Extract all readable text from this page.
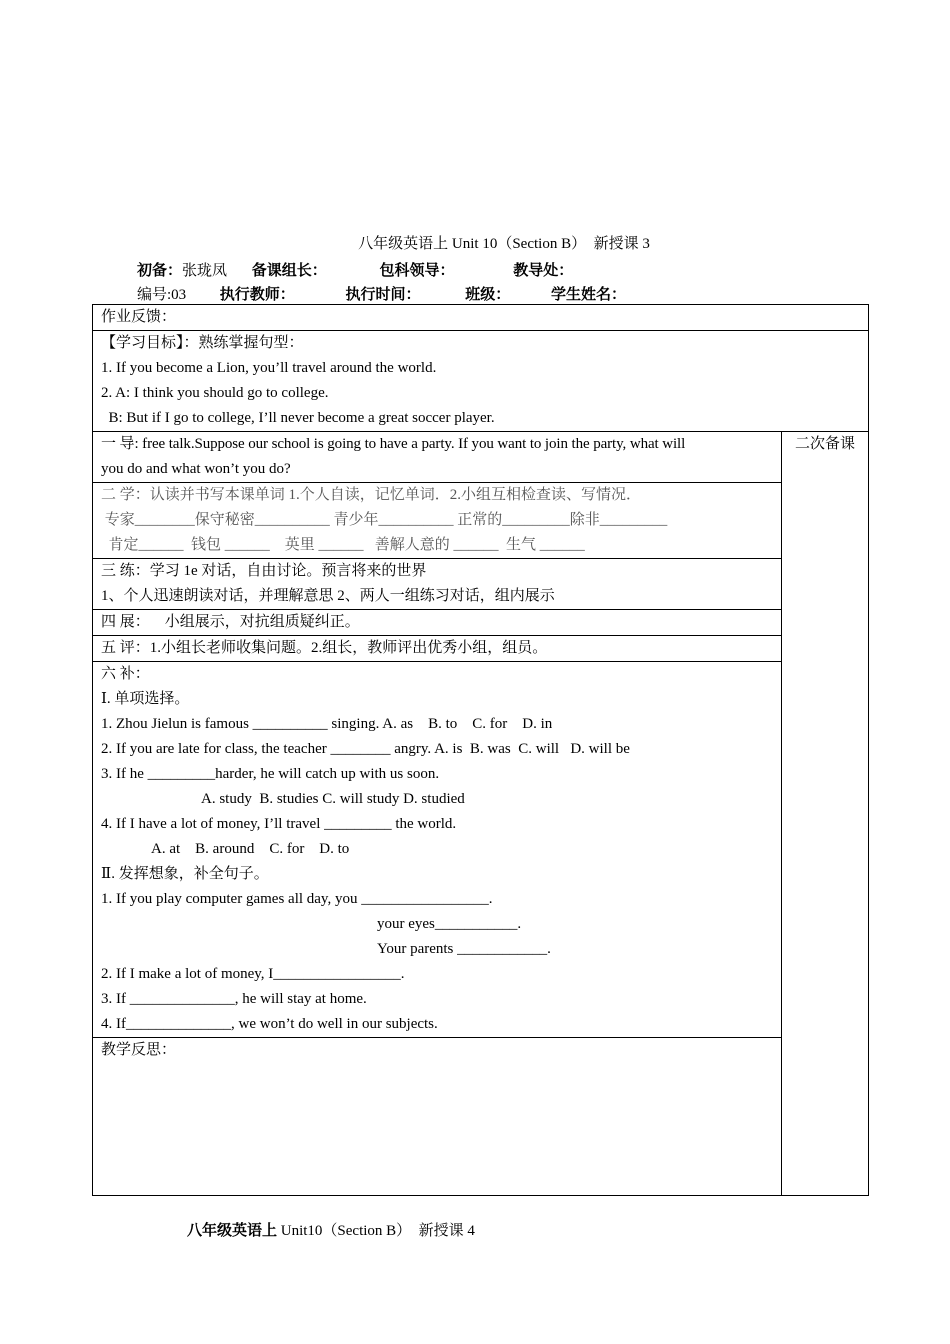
八年级英语上 Unit 10（Section B）　新授课 3
初备：张珑凤 备课组长：	包科领导：	教导处：
编号:03 执行教师：	执行时间：	班级：	学生姓名：
作业反馈：

【学习目标】：熟练掌握句型：
1. If you become a Lion, you’ll travel around the world.
2. A: I think you should go to college.
B: But if I go to college, I’ll never become a great soccer player.

一 导: free talk.Suppose our school is going to have a party. If you want to join the party, what will
you do and what won’t you do?

二次备课

二 学：认读并书写本课单词 1.个人自读，记忆单词．2.小组互相检查读、写情况．
专家________保守秘密__________ 青少年__________ 正常的_________除非_________
肯定______  钱包 ______    英里 ______   善解人意的 ______  生气 ______

三 练：学习 1e 对话，自由讨论。预言将来的世界
1、个人迅速朗读对话，并理解意思 2、两人一组练习对话，组内展示

四 展：    小组展示，对抗组质疑纠正。
五 评：1.小组长老师收集问题。2.组长，教师评出优秀小组，组员。

六 补：
Ⅰ. 单项选择。
1. Zhou Jielun is famous __________ singing. A. as    B. to    C. for    D. in
2. If you are late for class, the teacher ________ angry. A. is  B. was  C. will   D. will be
3. If he _________harder, he will catch up with us soon.
A. study  B. studies C. will study D. studied
4. If I have a lot of money, I’ll travel _________ the world.
A. at    B. around    C. for    D. to
Ⅱ. 发挥想象，补全句子。
1. If you play computer games all day, you _________________.
your eyes___________.
Your parents ____________.
2. If I make a lot of money, I_________________.
3. If ______________, he will stay at home.
4. If______________, we won’t do well in our subjects.

教学反思：
八年级英语上 Unit10（Section B）　新授课 4
